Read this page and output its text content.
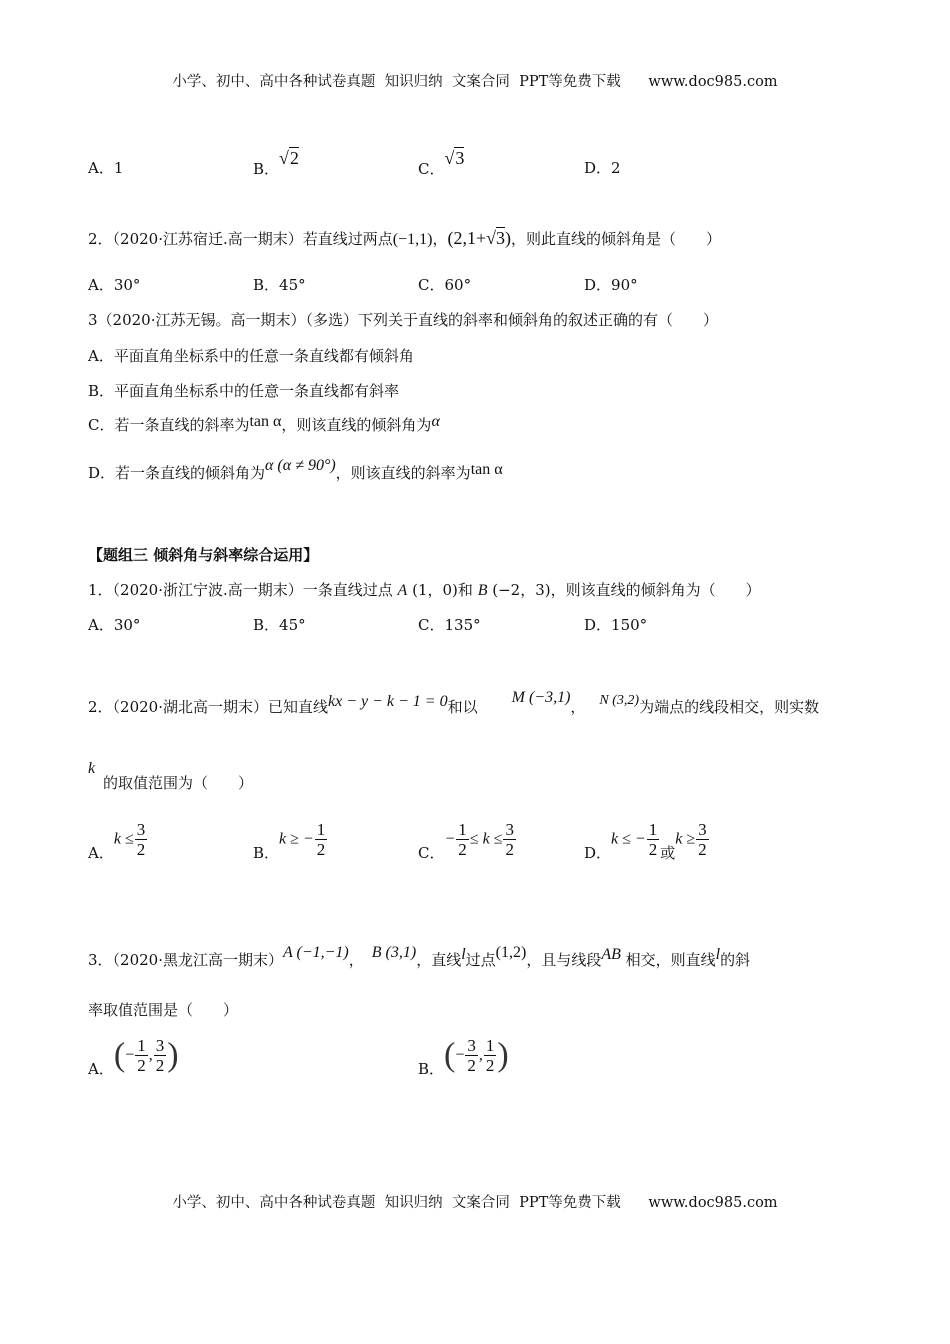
小学、初中、高中各种试卷真题  知识归纳  文案合同  PPT等免费下载      www.doc985.com
A．1	B．√2
C．√3	D．2
2．（2020·江苏宿迁.高一期末）若直线过两点(−1,1)，(2,1+√3)，则此直线的倾斜角是（　　）
A．30°	B．45°	C．60°	D．90°
3（2020·江苏无锡。高一期末）（多选）下列关于直线的斜率和倾斜角的叙述正确的有（　　）
A．平面直角坐标系中的任意一条直线都有倾斜角
B．平面直角坐标系中的任意一条直线都有斜率
C．若一条直线的斜率为tan α，则该直线的倾斜角为α
D．若一条直线的倾斜角为α (α ≠ 90°)，则该直线的斜率为tan α
【题组三 倾斜角与斜率综合运用】
1．（2020·浙江宁波.高一期末）一条直线过点 A (1，0)和 B (−2，3)，则该直线的倾斜角为（　　）
A．30°	B．45°	C．135°	D．150°
2．（2020·湖北高一期末）已知直线kx − y − k − 1 = 0和以M (−3,1)， N (3,2)为端点的线段相交，则实数
k
的取值范围为（　　）
A．$k \le \frac{3}{2}$	B．k ≥ − $\frac{1}{2}$	C．− $\frac{1}{2} \le k \le \frac{3}{2}$	D．k ≤ − $\frac{1}{2}$ 或$k \ge \frac{3}{2}$
3．（2020·黑龙江高一期末）A (−1,−1)， B (3,1)，直线l过点(1,2)，且与线段AB 相交，则直线l的斜
率取值范围是（　　）
A．(− $\frac{1}{2}$ , $\frac{3}{2}$ )	B．(− $\frac{3}{2}$ , $\frac{1}{2}$ )
小学、初中、高中各种试卷真题  知识归纳  文案合同  PPT等免费下载      www.doc985.com
